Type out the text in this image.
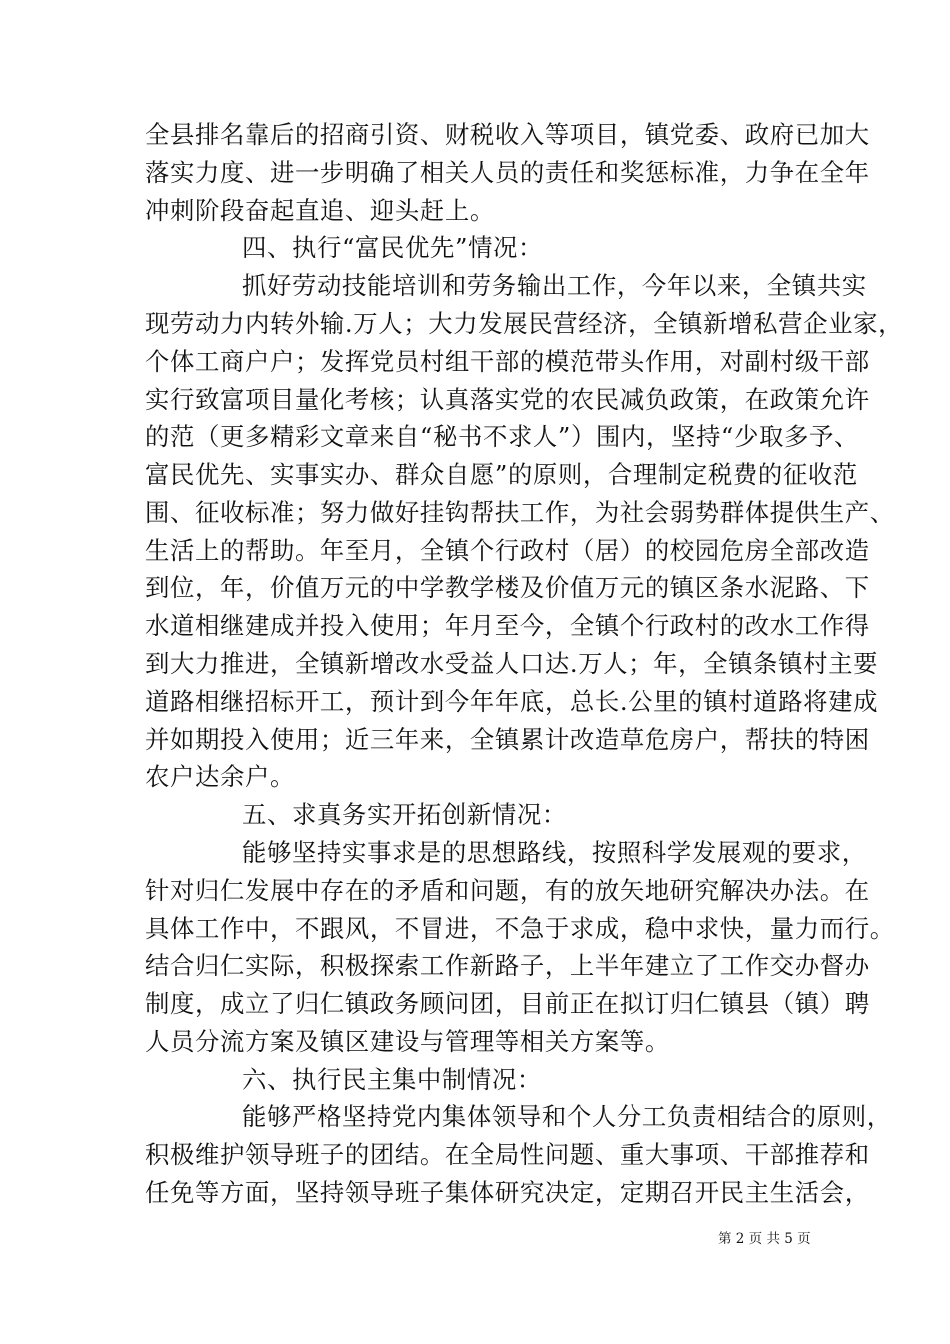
全县排名靠后的招商引资、财税收入等项目，镇党委、政府已加大
落实力度、进一步明确了相关人员的责任和奖惩标准，力争在全年
冲刺阶段奋起直追、迎头赶上。
四、执行“富民优先”情况：
抓好劳动技能培训和劳务输出工作，今年以来，全镇共实
现劳动力内转外输.万人；大力发展民营经济，全镇新增私营企业家，
个体工商户户；发挥党员村组干部的模范带头作用，对副村级干部
实行致富项目量化考核；认真落实党的农民减负政策，在政策允许
的范（更多精彩文章来自“秘书不求人”）围内，坚持“少取多予、
富民优先、实事实办、群众自愿”的原则，合理制定税费的征收范
围、征收标准；努力做好挂钩帮扶工作，为社会弱势群体提供生产、
生活上的帮助。年至月，全镇个行政村（居）的校园危房全部改造
到位，年，价值万元的中学教学楼及价值万元的镇区条水泥路、下
水道相继建成并投入使用；年月至今，全镇个行政村的改水工作得
到大力推进，全镇新增改水受益人口达.万人；年，全镇条镇村主要
道路相继招标开工，预计到今年年底，总长.公里的镇村道路将建成
并如期投入使用；近三年来，全镇累计改造草危房户，帮扶的特困
农户达余户。
五、求真务实开拓创新情况：
能够坚持实事求是的思想路线，按照科学发展观的要求，
针对归仁发展中存在的矛盾和问题，有的放矢地研究解决办法。在
具体工作中，不跟风，不冒进，不急于求成，稳中求快，量力而行。
结合归仁实际，积极探索工作新路子，上半年建立了工作交办督办
制度，成立了归仁镇政务顾问团，目前正在拟订归仁镇县（镇）聘
人员分流方案及镇区建设与管理等相关方案等。
六、执行民主集中制情况：
能够严格坚持党内集体领导和个人分工负责相结合的原则，
积极维护领导班子的团结。在全局性问题、重大事项、干部推荐和
任免等方面，坚持领导班子集体研究决定，定期召开民主生活会，
第 2 页 共 5 页
